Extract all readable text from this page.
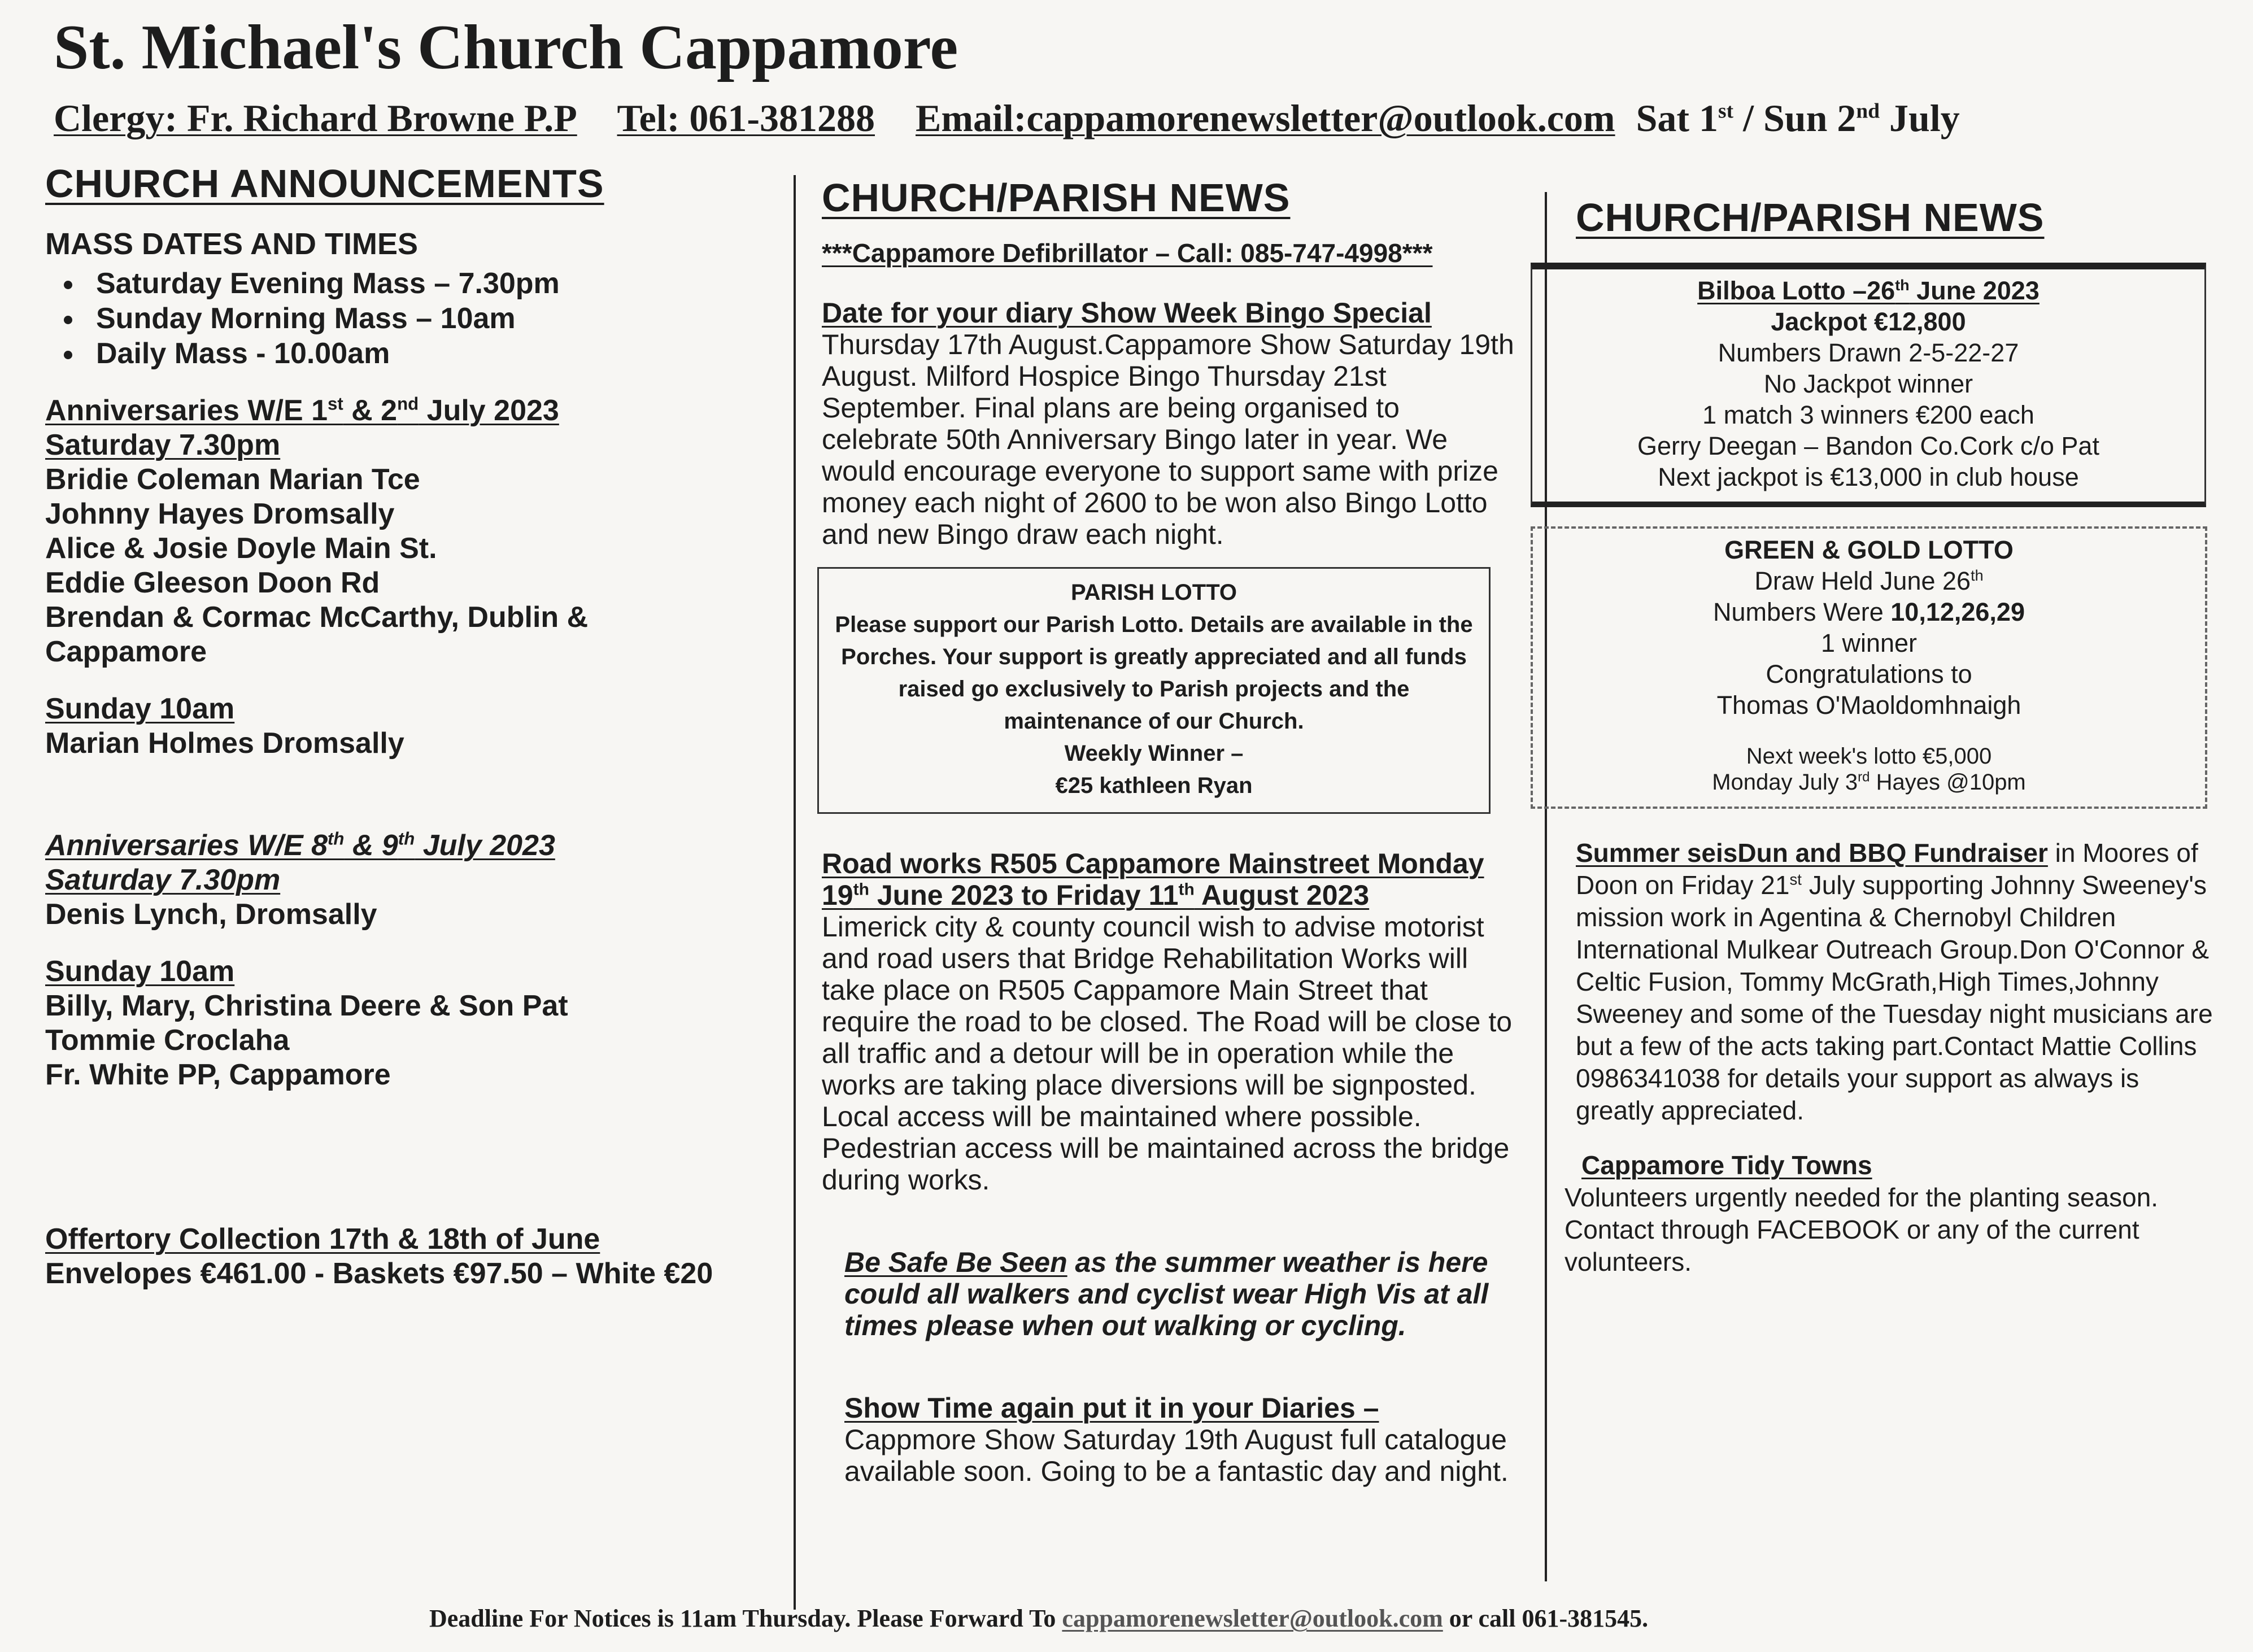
St. Michael's Church Cappamore
Clergy: Fr. Richard Browne P.P Tel: 061-381288 Email:cappamorenewsletter@outlook.com Sat 1st / Sun 2nd July
CHURCH ANNOUNCEMENTS
MASS DATES AND TIMES
• Saturday Evening Mass – 7.30pm
• Sunday Morning Mass – 10am
• Daily Mass - 10.00am
Anniversaries W/E 1st & 2nd July 2023
Saturday 7.30pm
Bridie Coleman Marian Tce
Johnny Hayes Dromsally
Alice & Josie Doyle Main St.
Eddie Gleeson Doon Rd
Brendan & Cormac McCarthy, Dublin &
Cappamore
Sunday 10am
Marian Holmes Dromsally
Anniversaries W/E 8th & 9th July 2023
Saturday 7.30pm
Denis Lynch, Dromsally
Sunday 10am
Billy, Mary, Christina Deere & Son Pat
Tommie Croclaha
Fr. White PP, Cappamore
Offertory Collection 17th & 18th of June
Envelopes €461.00 - Baskets €97.50 – White €20
CHURCH/PARISH NEWS
***Cappamore Defibrillator – Call: 085-747-4998***
Date for your diary Show Week Bingo Special
Thursday 17th August.Cappamore Show Saturday 19th August. Milford Hospice Bingo Thursday 21st September. Final plans are being organised to celebrate 50th Anniversary Bingo later in year. We would encourage everyone to support same with prize money each night of 2600 to be won also Bingo Lotto and new Bingo draw each night.
PARISH LOTTO
Please support our Parish Lotto. Details are available in the Porches. Your support is greatly appreciated and all funds raised go exclusively to Parish projects and the maintenance of our Church.
Weekly Winner –
€25 kathleen Ryan
Road works R505 Cappamore Mainstreet Monday 19th June 2023 to Friday 11th August 2023
Limerick city & county council wish to advise motorist and road users that Bridge Rehabilitation Works will take place on R505 Cappamore Main Street that require the road to be closed. The Road will be close to all traffic and a detour will be in operation while the works are taking place diversions will be signposted. Local access will be maintained where possible. Pedestrian access will be maintained across the bridge during works.
Be Safe Be Seen as the summer weather is here could all walkers and cyclist wear High Vis at all times please when out walking or cycling.
Show Time again put it in your Diaries –
Cappmore Show Saturday 19th August full catalogue available soon. Going to be a fantastic day and night.
CHURCH/PARISH NEWS
Bilboa Lotto –26th June 2023
Jackpot €12,800
Numbers Drawn 2-5-22-27
No Jackpot winner
1 match 3 winners €200 each
Gerry Deegan – Bandon Co.Cork c/o Pat
Next jackpot is €13,000 in club house
GREEN & GOLD LOTTO
Draw Held June 26th
Numbers Were 10,12,26,29
1 winner
Congratulations to
Thomas O'Maoldomhnaigh
Next week's lotto €5,000
Monday July 3rd Hayes @10pm
Summer seisDun and BBQ Fundraiser in Moores of Doon on Friday 21st July supporting Johnny Sweeney's mission work in Agentina & Chernobyl Children International Mulkear Outreach Group.Don O'Connor & Celtic Fusion, Tommy McGrath,High Times,Johnny Sweeney and some of the Tuesday night musicians are but a few of the acts taking part.Contact Mattie Collins 0986341038 for details your support as always is greatly appreciated.
Cappamore Tidy Towns
Volunteers urgently needed for the planting season. Contact through FACEBOOK or any of the current volunteers.
Deadline For Notices is 11am Thursday. Please Forward To cappamorenewsletter@outlook.com or call 061-381545.
